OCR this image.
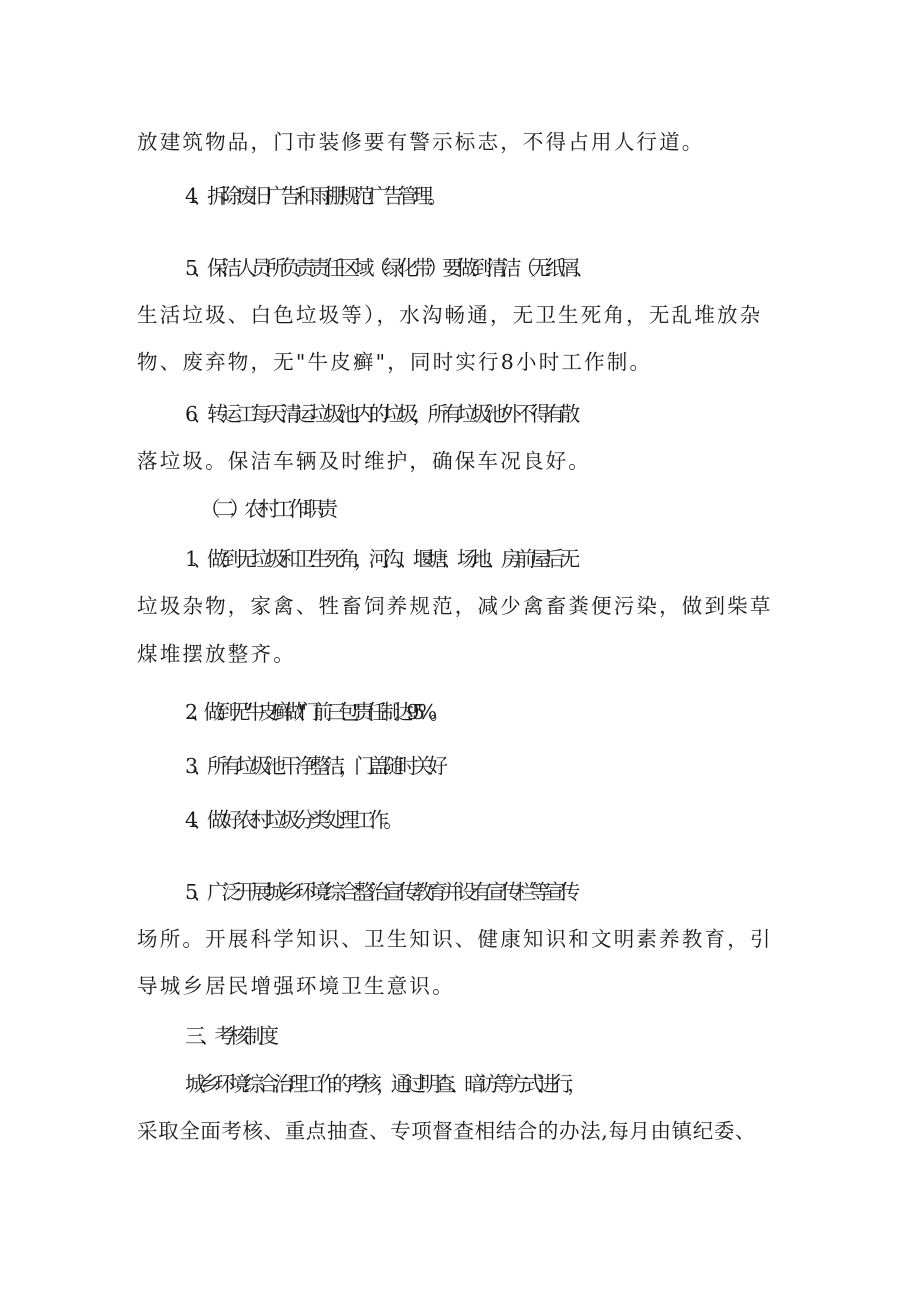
放建筑物品，门市装修要有警示标志，不得占用人行道。
4、拆除废旧广告和雨棚规范广告管理。
5、保洁人员所负责责任区域（绿化带）要做到清洁（无纸屑、
生活垃圾、白色垃圾等），水沟畅通，无卫生死角，无乱堆放杂
物、废弃物，无"牛皮癣"，同时实行8小时工作制。
6、转运工每天清运垃圾池内的垃圾，所有垃圾池外不得有散
落垃圾。保洁车辆及时维护，确保车况良好。
（二）农村工作职责
1、做到无垃圾和卫生死角，河沟、堰塘、场地、房前屋后无
垃圾杂物，家禽、牲畜饲养规范，减少禽畜粪便污染，做到柴草
煤堆摆放整齐。
2、做到无"牛皮癣做"门前三包"责任制达95%。
3、所有垃圾池干净整洁，门盖随时关好
4、做好农村垃圾分类处理工作。
5、广泛开展城乡环境综合整治宣传教育并设有宣传栏等宣传
场所。开展科学知识、卫生知识、健康知识和文明素养教育，引
导城乡居民增强环境卫生意识。
三、考核制度
城乡环境综合治理工作的考核，通过明查、暗访等方式进行，
采取全面考核、重点抽查、专项督查相结合的办法,每月由镇纪委、
